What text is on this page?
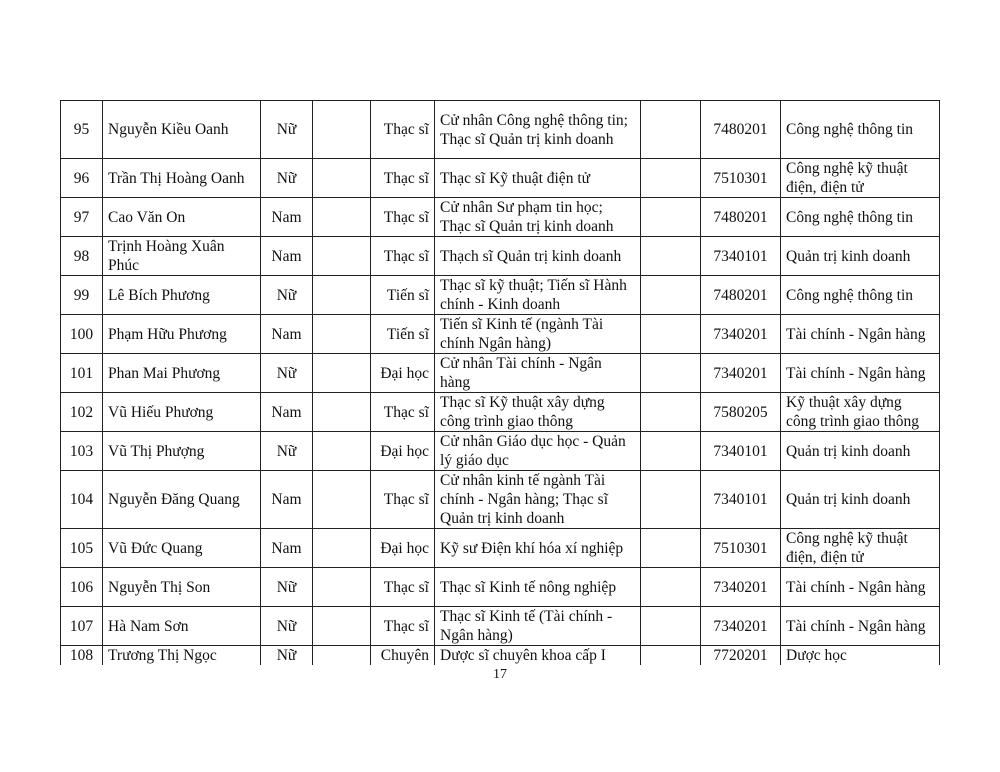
95	Nguyễn Kiều Oanh	Nữ		Thạc sĩ	Cử nhân Công nghệ thông tin; Thạc sĩ Quản trị kinh doanh		7480201	Công nghệ thông tin
96	Trần Thị Hoàng Oanh	Nữ		Thạc sĩ	Thạc sĩ Kỹ thuật điện tử		7510301	Công nghệ kỹ thuật điện, điện tử
97	Cao Văn On	Nam		Thạc sĩ	Cử nhân Sư phạm tin học; Thạc sĩ Quản trị kinh doanh		7480201	Công nghệ thông tin
98	Trịnh Hoàng Xuân Phúc	Nam		Thạc sĩ	Thạch sĩ Quản trị kinh doanh		7340101	Quản trị kinh doanh
99	Lê Bích Phương	Nữ		Tiến sĩ	Thạc sĩ kỹ thuật; Tiến sĩ Hành chính - Kinh doanh		7480201	Công nghệ thông tin
100	Phạm Hữu Phương	Nam		Tiến sĩ	Tiến sĩ Kinh tế (ngành Tài chính Ngân hàng)		7340201	Tài chính - Ngân hàng
101	Phan Mai Phương	Nữ		Đại học	Cử nhân Tài chính - Ngân hàng		7340201	Tài chính - Ngân hàng
102	Vũ Hiếu Phương	Nam		Thạc sĩ	Thạc sĩ Kỹ thuật xây dựng công trình giao thông		7580205	Kỹ thuật xây dựng công trình giao thông
103	Vũ Thị Phượng	Nữ		Đại học	Cử nhân Giáo dục học - Quản lý giáo dục		7340101	Quản trị kinh doanh
104	Nguyễn Đăng Quang	Nam		Thạc sĩ	Cử nhân kinh tế ngành Tài chính - Ngân hàng; Thạc sĩ Quản trị kinh doanh		7340101	Quản trị kinh doanh
105	Vũ Đức Quang	Nam		Đại học	Kỹ sư Điện khí hóa xí nghiệp		7510301	Công nghệ kỹ thuật điện, điện tử
106	Nguyễn Thị Son	Nữ		Thạc sĩ	Thạc sĩ Kinh tế nông nghiệp		7340201	Tài chính - Ngân hàng
107	Hà Nam Sơn	Nữ		Thạc sĩ	Thạc sĩ Kinh tế (Tài chính - Ngân hàng)		7340201	Tài chính - Ngân hàng
108	Trương Thị Ngọc	Nữ		Chuyên	Dược sĩ chuyên khoa cấp I		7720201	Dược học
17
